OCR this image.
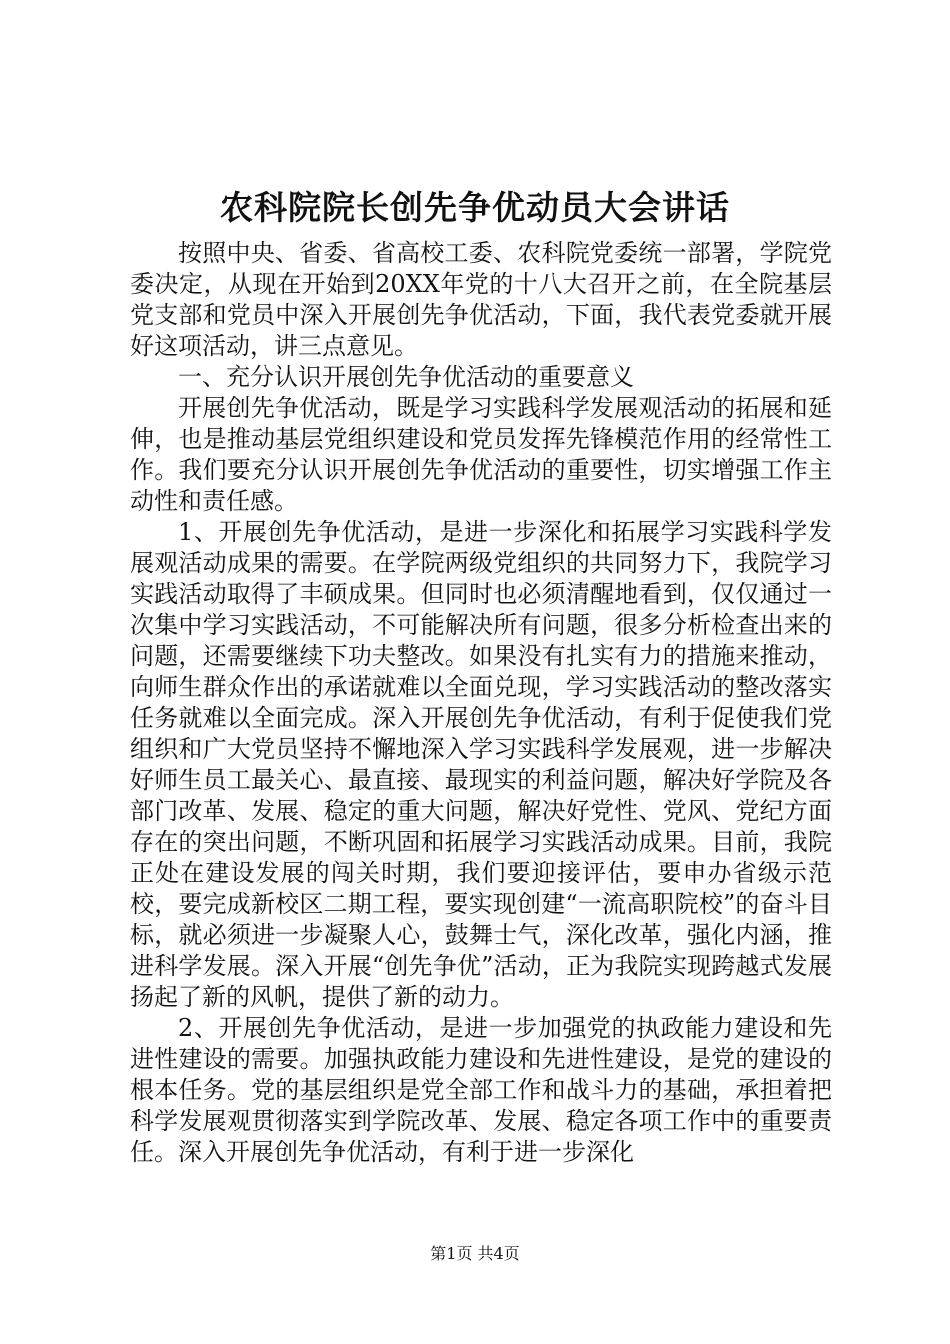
农科院院长创先争优动员大会讲话

按照中央、省委、省高校工委、农科院党委统一部署，学院党委决定，从现在开始到20XX年党的十八大召开之前，在全院基层党支部和党员中深入开展创先争优活动，下面，我代表党委就开展好这项活动，讲三点意见。

一、充分认识开展创先争优活动的重要意义

开展创先争优活动，既是学习实践科学发展观活动的拓展和延伸，也是推动基层党组织建设和党员发挥先锋模范作用的经常性工作。我们要充分认识开展创先争优活动的重要性，切实增强工作主动性和责任感。

1、开展创先争优活动，是进一步深化和拓展学习实践科学发展观活动成果的需要。在学院两级党组织的共同努力下，我院学习实践活动取得了丰硕成果。但同时也必须清醒地看到，仅仅通过一次集中学习实践活动，不可能解决所有问题，很多分析检查出来的问题，还需要继续下功夫整改。如果没有扎实有力的措施来推动，向师生群众作出的承诺就难以全面兑现，学习实践活动的整改落实任务就难以全面完成。深入开展创先争优活动，有利于促使我们党组织和广大党员坚持不懈地深入学习实践科学发展观，进一步解决好师生员工最关心、最直接、最现实的利益问题，解决好学院及各部门改革、发展、稳定的重大问题，解决好党性、党风、党纪方面存在的突出问题，不断巩固和拓展学习实践活动成果。目前，我院正处在建设发展的闯关时期，我们要迎接评估，要申办省级示范校，要完成新校区二期工程，要实现创建“一流高职院校”的奋斗目标，就必须进一步凝聚人心，鼓舞士气，深化改革，强化内涵，推进科学发展。深入开展“创先争优”活动，正为我院实现跨越式发展扬起了新的风帆，提供了新的动力。

2、开展创先争优活动，是进一步加强党的执政能力建设和先进性建设的需要。加强执政能力建设和先进性建设，是党的建设的根本任务。党的基层组织是党全部工作和战斗力的基础，承担着把科学发展观贯彻落实到学院改革、发展、稳定各项工作中的重要责任。深入开展创先争优活动，有利于进一步深化

第1页 共4页
